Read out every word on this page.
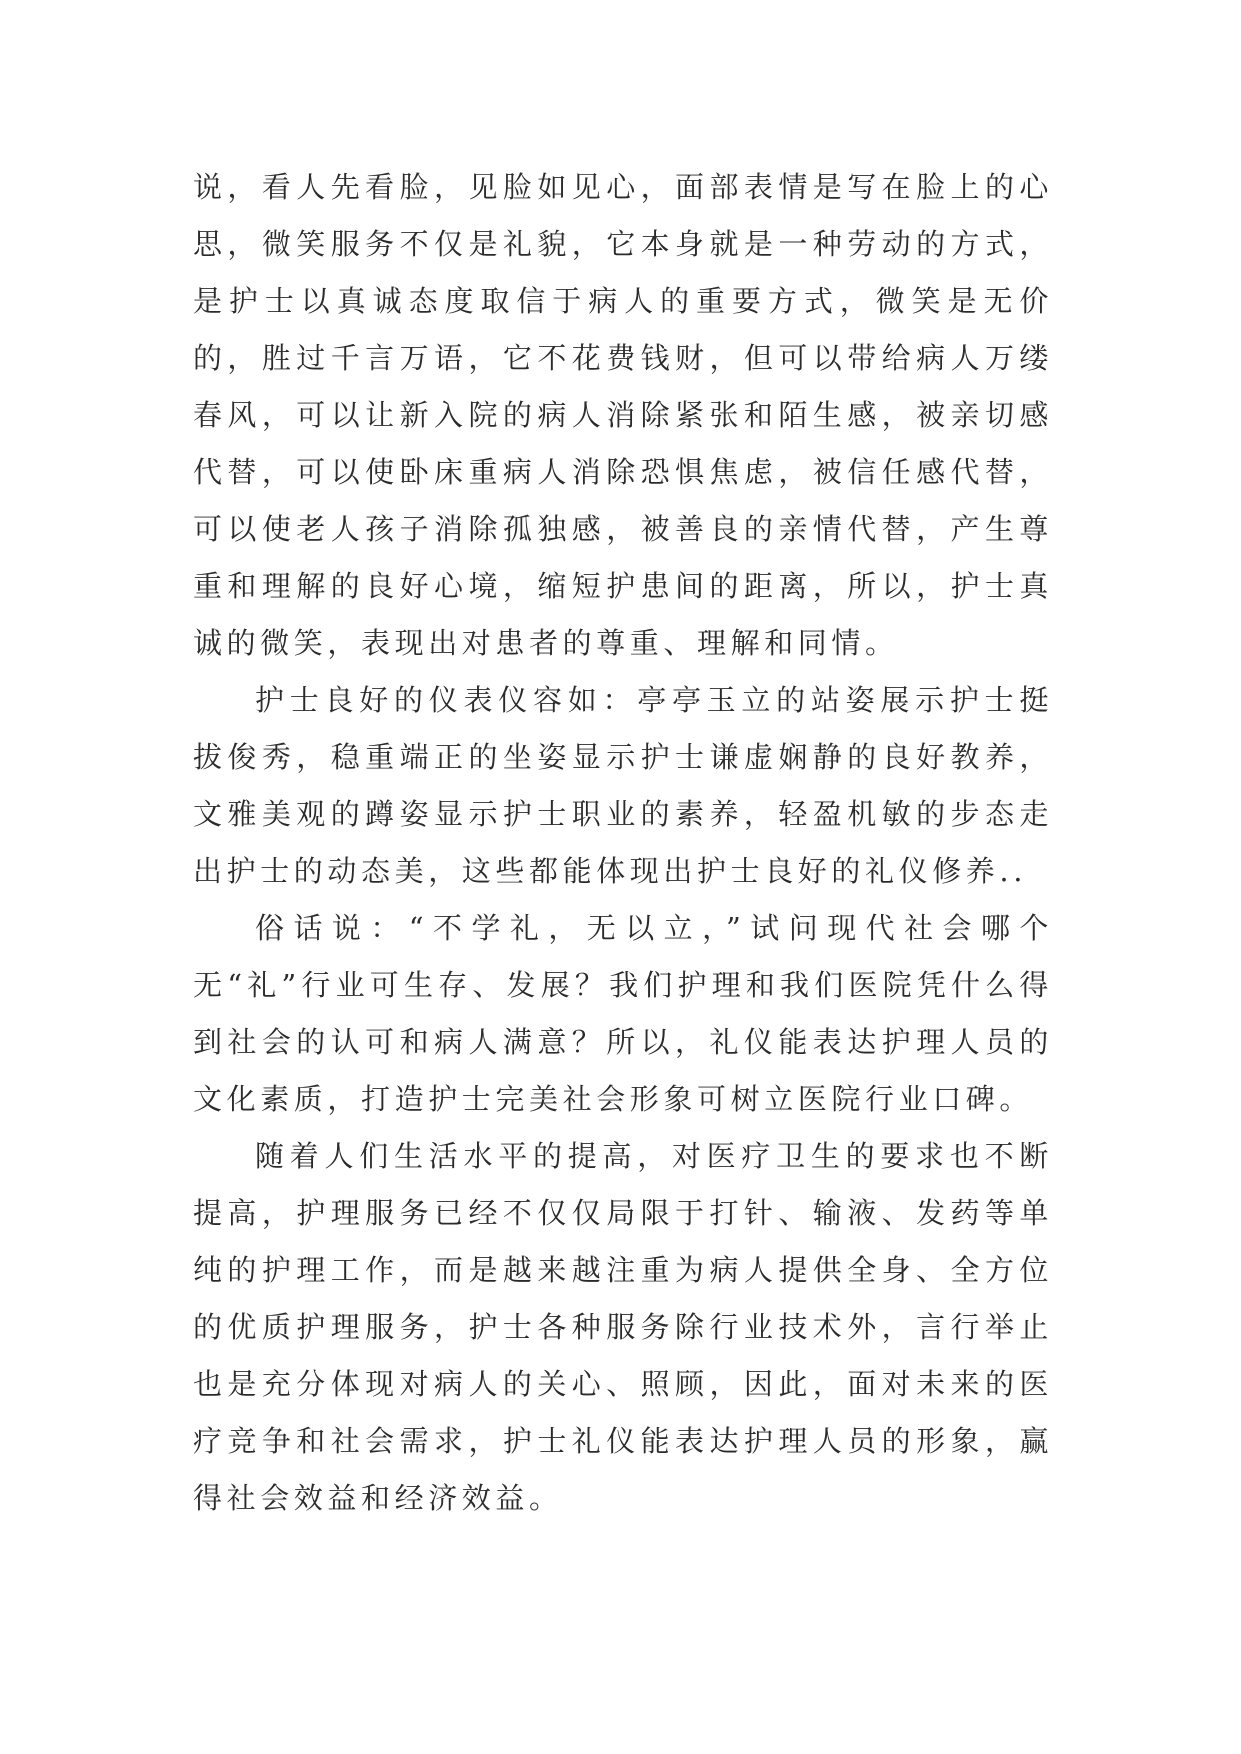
说，看人先看脸，见脸如见心，面部表情是写在脸上的心思，微笑服务不仅是礼貌，它本身就是一种劳动的方式，是护士以真诚态度取信于病人的重要方式，微笑是无价的，胜过千言万语，它不花费钱财，但可以带给病人万缕春风，可以让新入院的病人消除紧张和陌生感，被亲切感代替，可以使卧床重病人消除恐惧焦虑，被信任感代替，可以使老人孩子消除孤独感，被善良的亲情代替，产生尊重和理解的良好心境，缩短护患间的距离，所以，护士真诚的微笑，表现出对患者的尊重、理解和同情。

护士良好的仪表仪容如：亭亭玉立的站姿展示护士挺拔俊秀，稳重端正的坐姿显示护士谦虚娴静的良好教养，文雅美观的蹲姿显示护士职业的素养，轻盈机敏的步态走出护士的动态美，这些都能体现出护士良好的礼仪修养..

俗话说：“不学礼，无以立，”试问现代社会哪个无“礼”行业可生存、发展？我们护理和我们医院凭什么得到社会的认可和病人满意？所以，礼仪能表达护理人员的文化素质，打造护士完美社会形象可树立医院行业口碑。

随着人们生活水平的提高，对医疗卫生的要求也不断提高，护理服务已经不仅仅局限于打针、输液、发药等单纯的护理工作，而是越来越注重为病人提供全身、全方位的优质护理服务，护士各种服务除行业技术外，言行举止也是充分体现对病人的关心、照顾，因此，面对未来的医疗竞争和社会需求，护士礼仪能表达护理人员的形象，赢得社会效益和经济效益。
